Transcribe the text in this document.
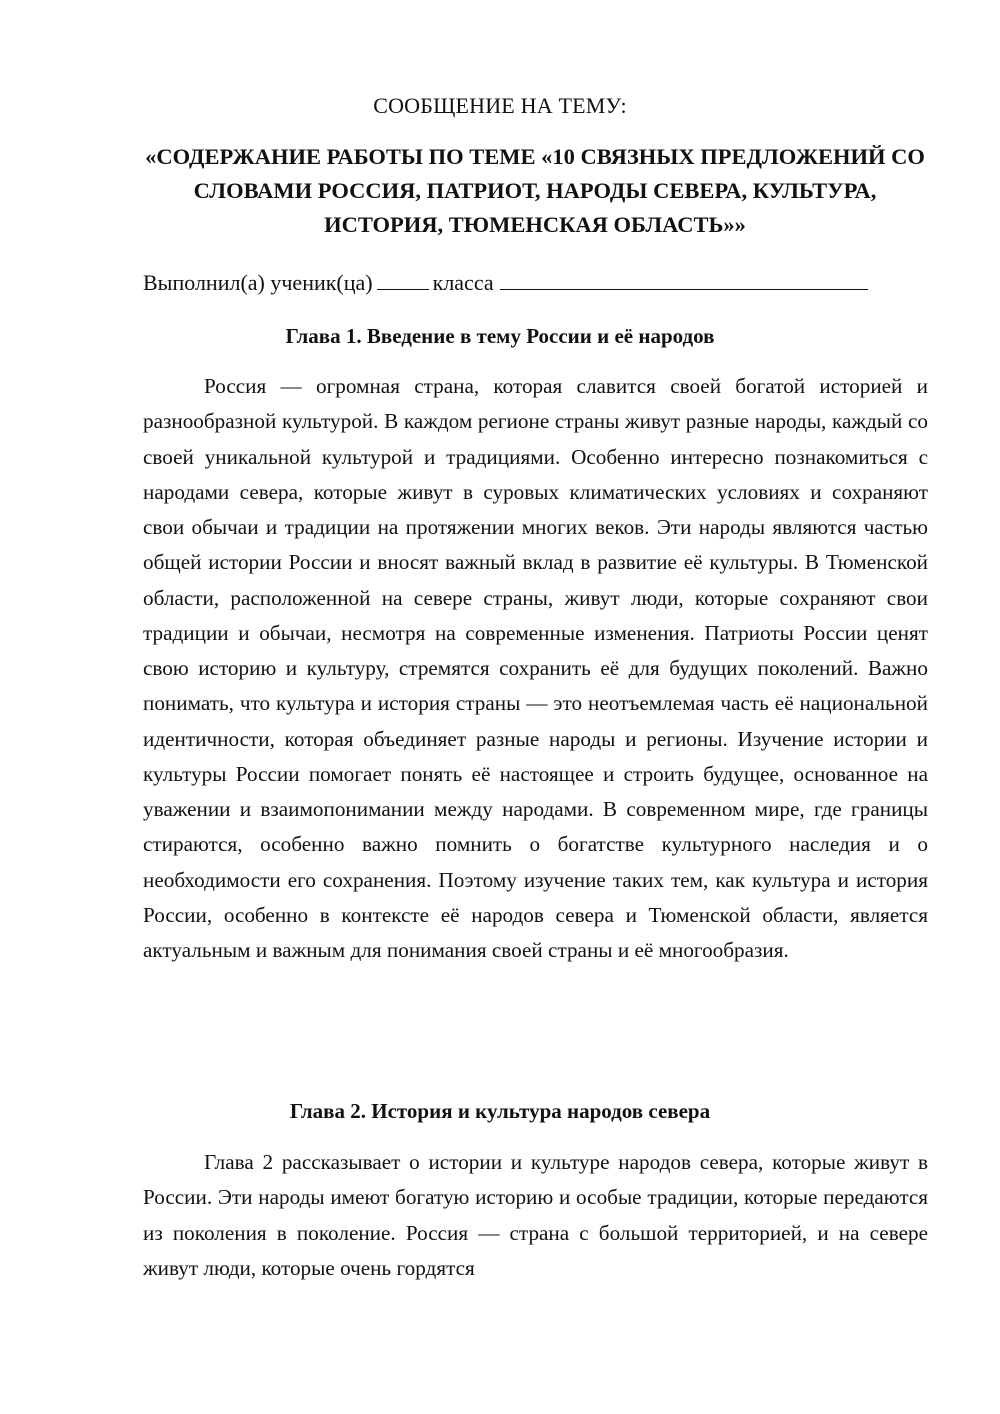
СООБЩЕНИЕ НА ТЕМУ:
«СОДЕРЖАНИЕ РАБОТЫ ПО ТЕМЕ «10 СВЯЗНЫХ ПРЕДЛОЖЕНИЙ СО СЛОВАМИ РОССИЯ, ПАТРИОТ, НАРОДЫ СЕВЕРА, КУЛЬТУРА, ИСТОРИЯ, ТЮМЕНСКАЯ ОБЛАСТЬ»»
Выполнил(а) ученик(ца)	класса
Глава 1. Введение в тему России и её народов

Россия — огромная страна, которая славится своей богатой историей и разнообразной культурой. В каждом регионе страны живут разные народы, каждый со своей уникальной культурой и традициями. Особенно интересно познакомиться с народами севера, которые живут в суровых климатических условиях и сохраняют свои обычаи и традиции на протяжении многих веков. Эти народы являются частью общей истории России и вносят важный вклад в развитие её культуры. В Тюменской области, расположенной на севере страны, живут люди, которые сохраняют свои традиции и обычаи, несмотря на современные изменения. Патриоты России ценят свою историю и культуру, стремятся сохранить её для будущих поколений. Важно понимать, что культура и история страны — это неотъемлемая часть её национальной идентичности, которая объединяет разные народы и регионы. Изучение истории и культуры России помогает понять её настоящее и строить будущее, основанное на уважении и взаимопонимании между народами. В современном мире, где границы стираются, особенно важно помнить о богатстве культурного наследия и о необходимости его сохранения. Поэтому изучение таких тем, как культура и история России, особенно в контексте её народов севера и Тюменской области, является актуальным и важным для понимания своей страны и её многообразия.

Глава 2. История и культура народов севера

Глава 2 рассказывает о истории и культуре народов севера, которые живут в России. Эти народы имеют богатую историю и особые традиции, которые передаются из поколения в поколение. Россия — страна с большой территорией, и на севере живут люди, которые очень гордятся
